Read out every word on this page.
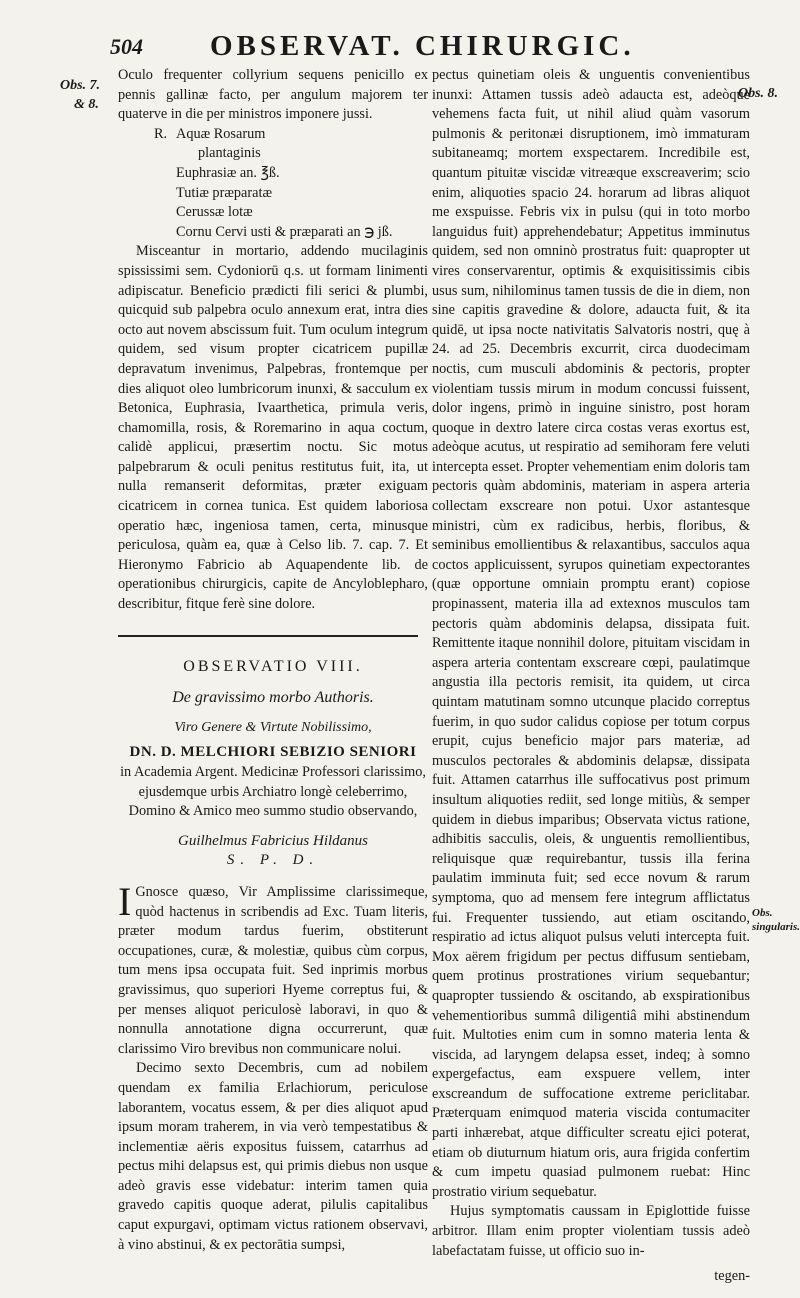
504 OBSERVAT. CHIRURGIC.
Obs. 7.
& 8.
Obs. 8.
Obs. singularis.

Oculo frequenter collyrium sequens penicillo ex pennis gallinæ facto, per angulum majorem ter quaterve in die per ministros imponere jussi.

R. Aquæ Rosarum
plantaginis
Euphrasiæ an. ℥ß.
Tutiæ præparatæ
Cerussæ lotæ
Cornu Cervi usti & præparati an ℈ jß.

Misceantur in mortario, addendo mucilaginis spississimi sem. Cydoniorū q.s. ut formam linimenti adipiscatur. Beneficio prædicti fili serici & plumbi, quicquid sub palpebra oculo annexum erat, intra dies octo aut novem abscissum fuit. Tum oculum integrum quidem, sed visum propter cicatricem pupillæ depravatum invenimus, Palpebras, frontemque per dies aliquot oleo lumbricorum inunxi, & sacculum ex Betonica, Euphrasia, Ivaarthetica, primula veris, chamomilla, rosis, & Roremarino in aqua coctum, calidè applicui, præsertim noctu. Sic motus palpebrarum & oculi penitus restitutus fuit, ita, ut nulla remanserit deformitas, præter exiguam cicatricem in cornea tunica. Est quidem laboriosa operatio hæc, ingeniosa tamen, certa, minusque periculosa, quàm ea, quæ à Celso lib. 7. cap. 7. Et Hieronymo Fabricio ab Aquapendente lib. de operationibus chirurgicis, capite de Ancyloblepharo, describitur, fitque ferè sine dolore.

OBSERVATIO VIII.

De gravissimo morbo Authoris.

Viro Genere & Virtute Nobilissimo,

DN. D. MELCHIORI SEBIZIO SENIORI

in Academia Argent. Medicinæ Professori clarissimo, ejusdemque urbis Archiatro longè celeberrimo, Domino & Amico meo summo studio observando,

Guilhelmus Fabricius Hildanus

S. P. D.

I Gnosce quæso, Vir Amplissime clarissimeque, quòd hactenus in scribendis ad Exc. Tuam literis, præter modum tardus fuerim, obstiterunt occupationes, curæ, & molestiæ, quibus cùm corpus, tum mens ipsa occupata fuit. Sed inprimis morbus gravissimus, quo superiori Hyeme correptus fui, & per menses aliquot periculosè laboravi, in quo & nonnulla annotatione digna occurrerunt, quæ clarissimo Viro brevibus non communicare nolui.

Decimo sexto Decembris, cum ad nobilem quendam ex familia Erlachiorum, periculose laborantem, vocatus essem, & per dies aliquot apud ipsum moram traherem, in via verò tempestatibus & inclementiæ aëris expositus fuissem, catarrhus ad pectus mihi delapsus est, qui primis diebus non usque adeò gravis esse videbatur: interim tamen quia gravedo capitis quoque aderat, pilulis capitalibus caput expurgavi, optimam victus rationem observavi, à vino abstinui, & ex pectorātia sumpsi,

pectus quinetiam oleis & unguentis convenientibus inunxi: Attamen tussis adeò adaucta est, adeòque vehemens facta fuit, ut nihil aliud quàm vasorum pulmonis & peritonæi disruptionem, imò immaturam subitaneamq; mortem exspectarem. Incredibile est, quantum pituitæ viscidæ vitreæque exscreaverim; scio enim, aliquoties spacio 24. horarum ad libras aliquot me exspuisse. Febris vix in pulsu (qui in toto morbo languidus fuit) apprehendebatur; Appetitus imminutus quidem, sed non omninò prostratus fuit: quapropter ut vires conservarentur, optimis & exquisitissimis cibis usus sum, nihilominus tamen tussis de die in diem, non sine capitis gravedine & dolore, adaucta fuit, & ita quidē, ut ipsa nocte nativitatis Salvatoris nostri, quę à 24. ad 25. Decembris excurrit, circa duodecimam noctis, cum musculi abdominis & pectoris, propter violentiam tussis mirum in modum concussi fuissent, dolor ingens, primò in inguine sinistro, post horam quoque in dextro latere circa costas veras exortus est, adeòque acutus, ut respiratio ad semihoram fere veluti intercepta esset. Propter vehementiam enim doloris tam pectoris quàm abdominis, materiam in aspera arteria collectam exscreare non potui. Uxor astantesque ministri, cùm ex radicibus, herbis, floribus, & seminibus emollientibus & relaxantibus, sacculos aqua coctos applicuissent, syrupos quinetiam expectorantes (quæ opportune omniain promptu erant) copiose propinassent, materia illa ad extexnos musculos tam pectoris quàm abdominis delapsa, dissipata fuit. Remittente itaque nonnihil dolore, pituitam viscidam in aspera arteria contentam exscreare cœpi, paulatimque angustia illa pectoris remisit, ita quidem, ut circa quintam matutinam somno utcunque placido correptus fuerim, in quo sudor calidus copiose per totum corpus erupit, cujus beneficio major pars materiæ, ad musculos pectorales & abdominis delapsæ, dissipata fuit. Attamen catarrhus ille suffocativus post primum insultum aliquoties rediit, sed longe mitiùs, & semper quidem in diebus imparibus; Observata victus ratione, adhibitis sacculis, oleis, & unguentis remollientibus, reliquisque quæ requirebantur, tussis illa ferina paulatim imminuta fuit; sed ecce novum & rarum symptoma, quo ad mensem fere integrum afflictatus fui. Frequenter tussiendo, aut etiam oscitando, respiratio ad ictus aliquot pulsus veluti intercepta fuit. Mox aërem frigidum per pectus diffusum sentiebam, quem protinus prostrationes virium sequebantur; quapropter tussiendo & oscitando, ab exspirationibus vehementioribus summâ diligentiâ mihi abstinendum fuit. Multoties enim cum in somno materia lenta & viscida, ad laryngem delapsa esset, indeq; à somno expergefactus, eam exspuere vellem, inter exscreandum de suffocatione extreme periclitabar. Præterquam enimquod materia viscida contumaciter parti inhærebat, atque difficulter screatu ejici poterat, etiam ob diuturnum hiatum oris, aura frigida confertim & cum impetu quasiad pulmonem ruebat: Hinc prostratio virium sequebatur.

Hujus symptomatis caussam in Epiglottide fuisse arbitror. Illam enim propter violentiam tussis adeò labefactatam fuisse, ut officio suo in-

tegen-
